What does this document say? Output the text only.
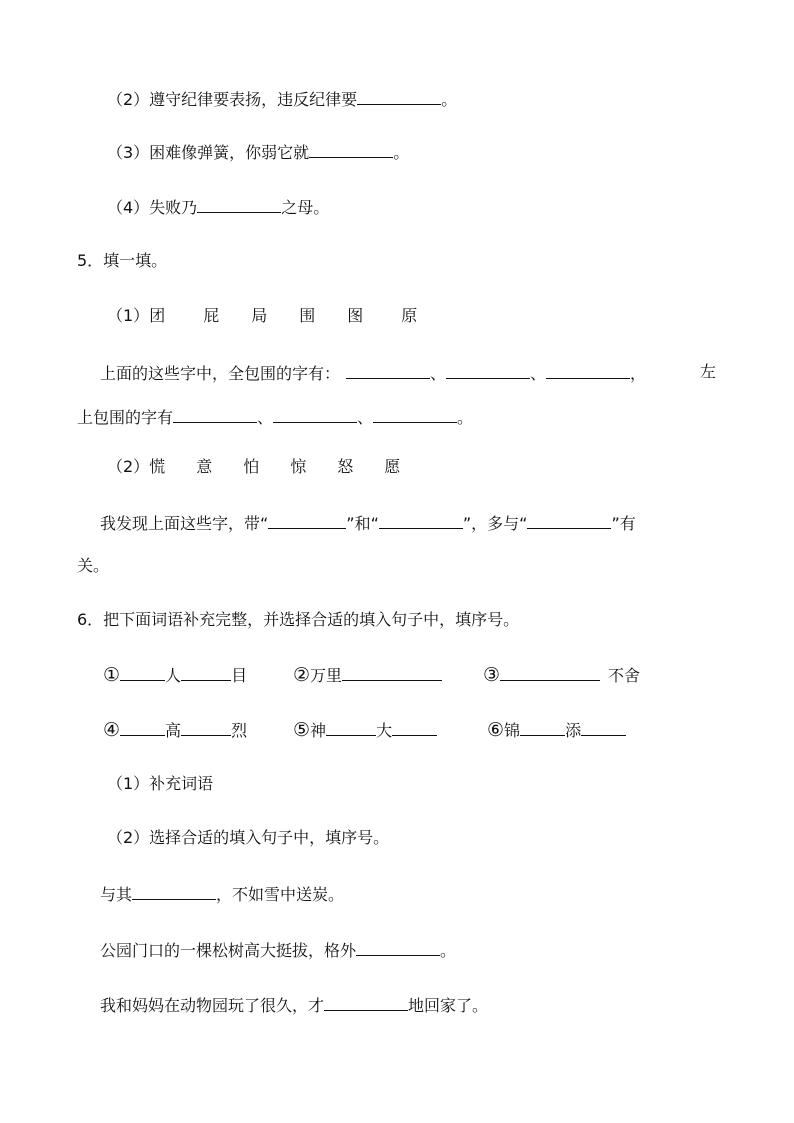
（2）遵守纪律要表扬，违反纪律要	。
（3）困难像弹簧，你弱它就	。
（4）失败乃	之母。
5．填一填。
（1）团 屁 局 围 图 原
上面的这些字中，全包围的字有：	、	、	，	左
上包围的字有	、	、	。
（2）慌 意 怕 惊 怒 愿
我发现上面这些字，带“	”和“	”，多与“	”有
关。
6．把下面词语补充完整，并选择合适的填入句子中，填序号。
①	人	目 ②万里	③	不舍
④	高	烈 ⑤神	大	⑥锦	添
（1）补充词语
（2）选择合适的填入句子中，填序号。
与其	，不如雪中送炭。
公园门口的一棵松树高大挺拔，格外	。
我和妈妈在动物园玩了很久，才	地回家了。
